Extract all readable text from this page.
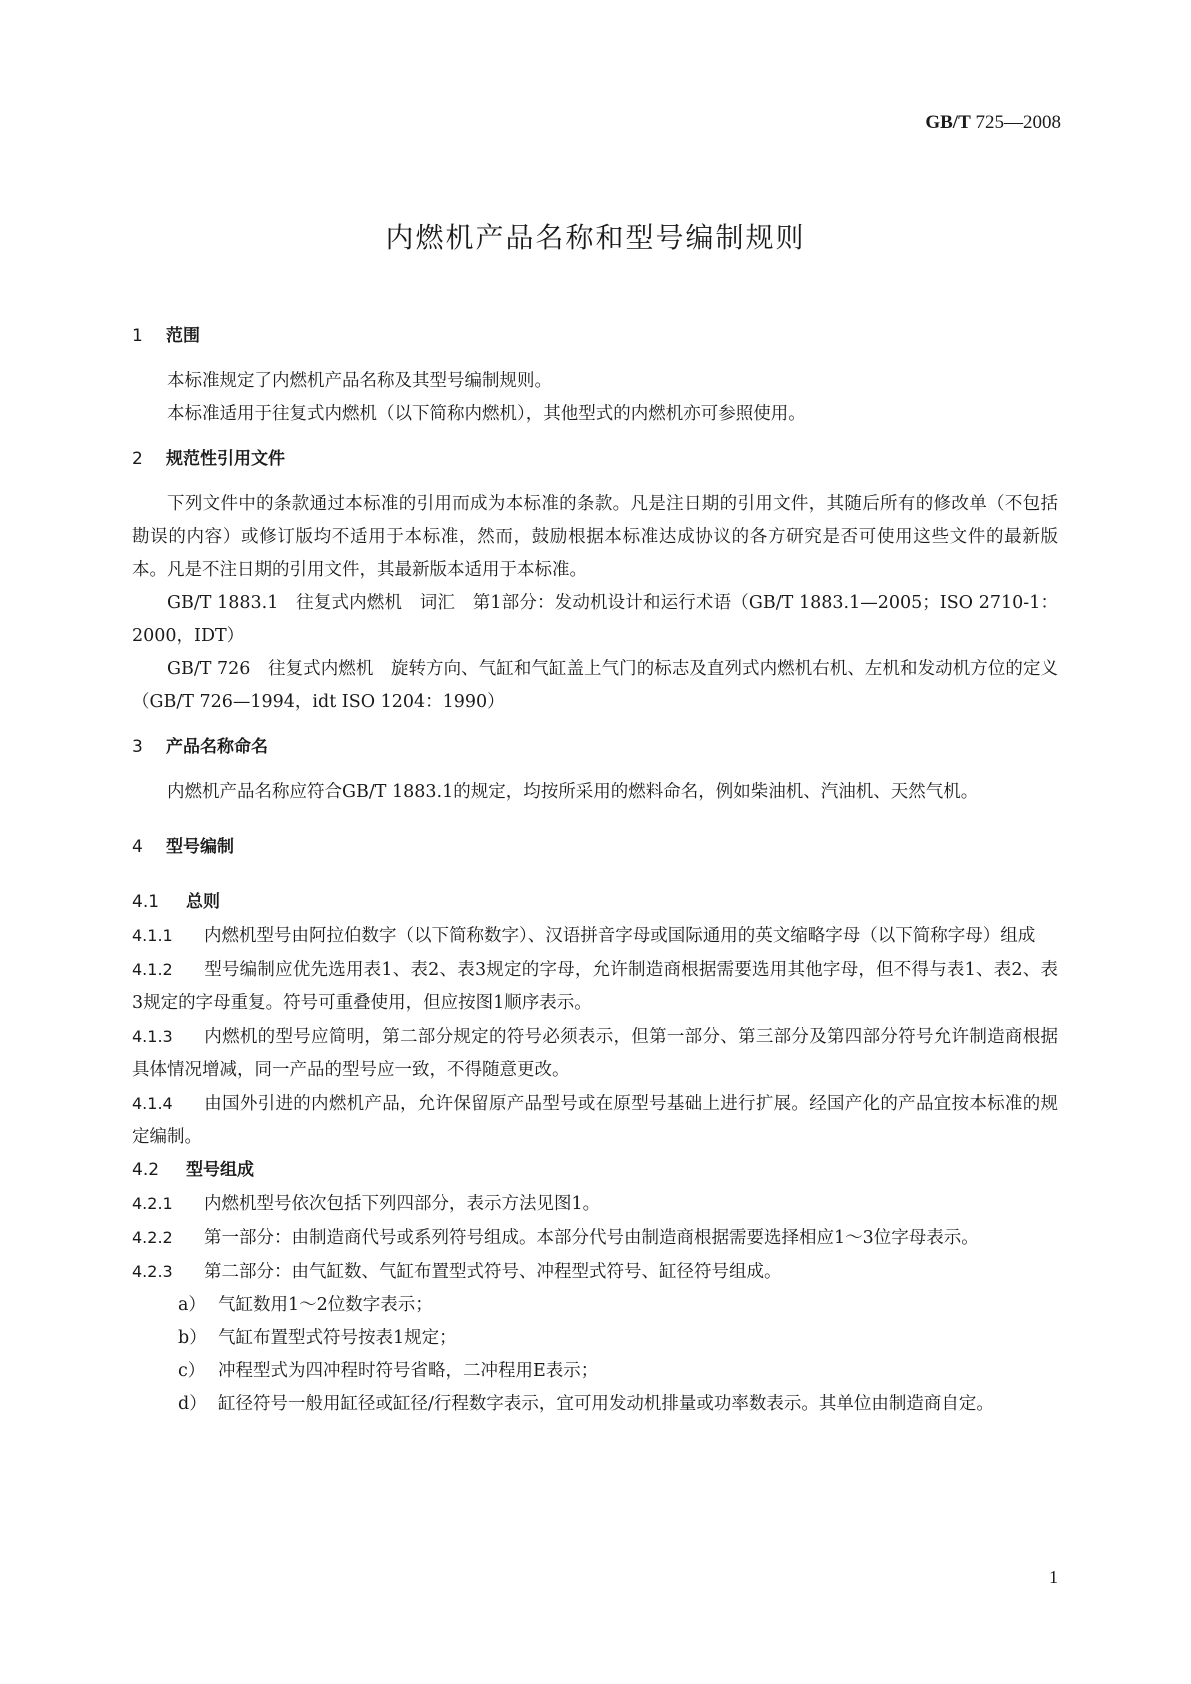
GB/T 725—2008
内燃机产品名称和型号编制规则
1 范围
本标准规定了内燃机产品名称及其型号编制规则。
本标准适用于往复式内燃机（以下简称内燃机），其他型式的内燃机亦可参照使用。
2 规范性引用文件
下列文件中的条款通过本标准的引用而成为本标准的条款。凡是注日期的引用文件，其随后所有的修改单（不包括勘误的内容）或修订版均不适用于本标准，然而，鼓励根据本标准达成协议的各方研究是否可使用这些文件的最新版本。凡是不注日期的引用文件，其最新版本适用于本标准。
GB/T 1883.1　往复式内燃机　词汇　第1部分：发动机设计和运行术语（GB/T 1883.1—2005；ISO 2710-1：2000，IDT）
GB/T 726　往复式内燃机　旋转方向、气缸和气缸盖上气门的标志及直列式内燃机右机、左机和发动机方位的定义（GB/T 726—1994，idt ISO 1204：1990）
3 产品名称命名
内燃机产品名称应符合GB/T 1883.1的规定，均按所采用的燃料命名，例如柴油机、汽油机、天然气机。
4 型号编制
4.1 总则
4.1.1 内燃机型号由阿拉伯数字（以下简称数字）、汉语拼音字母或国际通用的英文缩略字母（以下简称字母）组成
4.1.2 型号编制应优先选用表1、表2、表3规定的字母，允许制造商根据需要选用其他字母，但不得与表1、表2、表3规定的字母重复。符号可重叠使用，但应按图1顺序表示。
4.1.3 内燃机的型号应简明，第二部分规定的符号必须表示，但第一部分、第三部分及第四部分符号允许制造商根据具体情况增减，同一产品的型号应一致，不得随意更改。
4.1.4 由国外引进的内燃机产品，允许保留原产品型号或在原型号基础上进行扩展。经国产化的产品宜按本标准的规定编制。
4.2 型号组成
4.2.1 内燃机型号依次包括下列四部分，表示方法见图1。
4.2.2 第一部分：由制造商代号或系列符号组成。本部分代号由制造商根据需要选择相应1～3位字母表示。
4.2.3 第二部分：由气缸数、气缸布置型式符号、冲程型式符号、缸径符号组成。
a） 气缸数用1～2位数字表示；
b） 气缸布置型式符号按表1规定；
c） 冲程型式为四冲程时符号省略，二冲程用E表示；
d） 缸径符号一般用缸径或缸径/行程数字表示，宜可用发动机排量或功率数表示。其单位由制造商自定。
1
